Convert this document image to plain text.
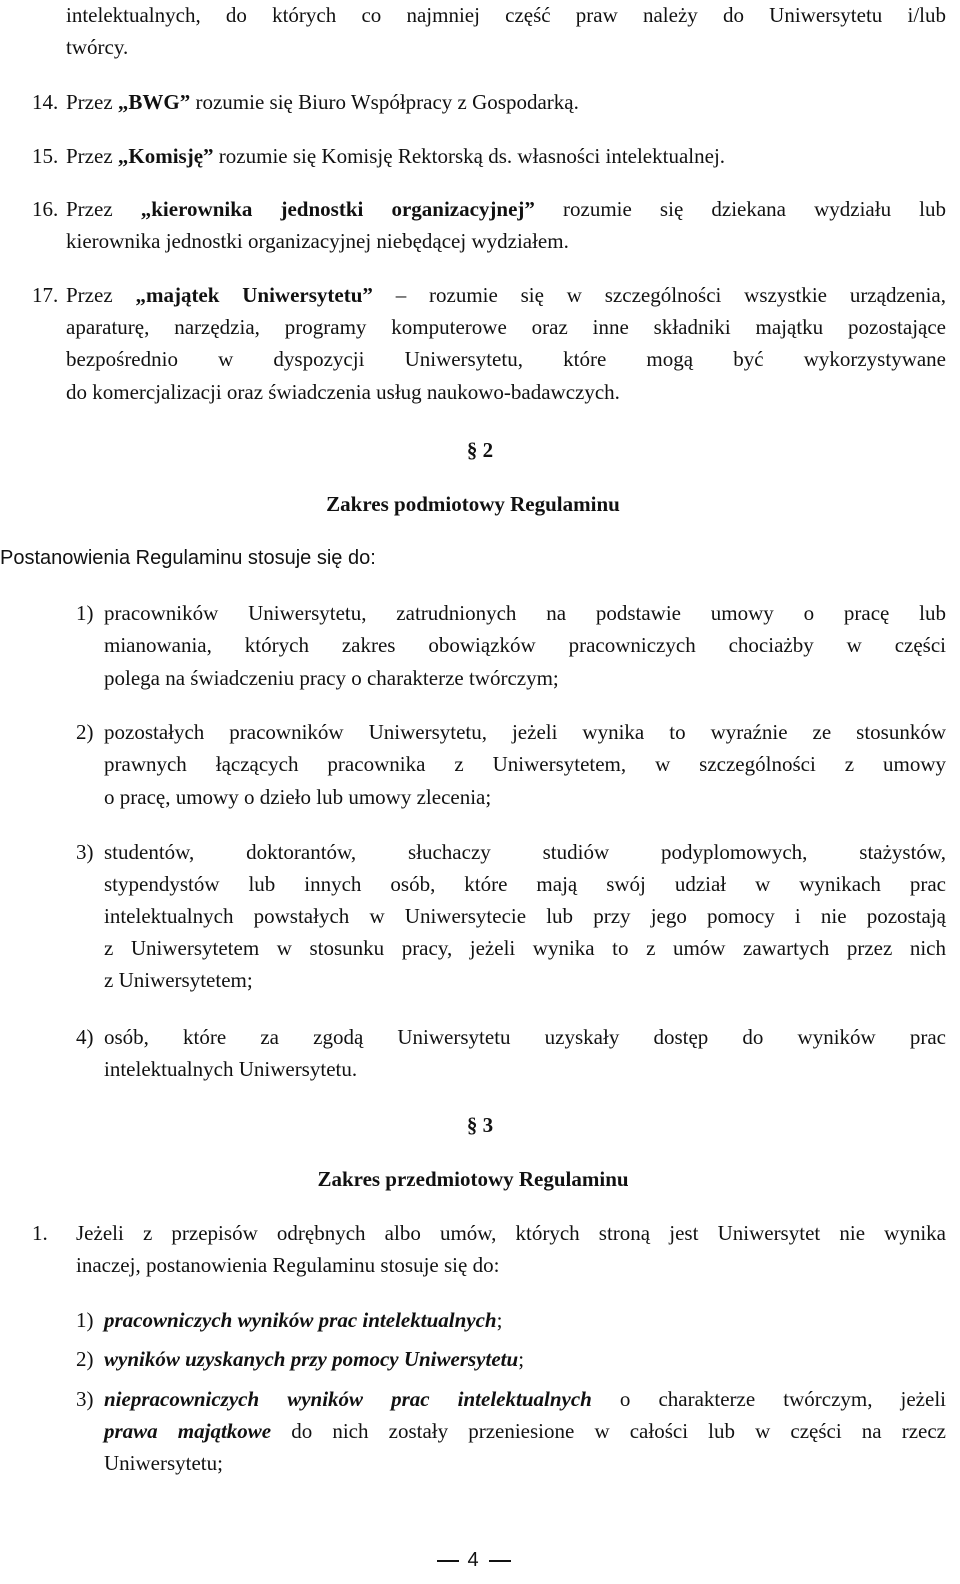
intelektualnych, do których co najmniej część praw należy do Uniwersytetu i/lub
twórcy.
14. Przez „BWG” rozumie się Biuro Współpracy z Gospodarką.
15. Przez „Komisję” rozumie się Komisję Rektorską ds. własności intelektualnej.
16. Przez „kierownika jednostki organizacyjnej” rozumie się dziekana wydziału lub
kierownika jednostki organizacyjnej niebędącej wydziałem.
17. Przez „majątek Uniwersytetu” – rozumie się w szczególności wszystkie urządzenia,
aparaturę, narzędzia, programy komputerowe oraz inne składniki majątku pozostające
bezpośrednio w dyspozycji Uniwersytetu, które mogą być wykorzystywane
do komercjalizacji oraz świadczenia usług naukowo-badawczych.
§ 2
Zakres podmiotowy Regulaminu
Postanowienia Regulaminu stosuje się do:
1) pracowników Uniwersytetu, zatrudnionych na podstawie umowy o pracę lub
mianowania, których zakres obowiązków pracowniczych chociażby w części
polega na świadczeniu pracy o charakterze twórczym;
2) pozostałych pracowników Uniwersytetu, jeżeli wynika to wyraźnie ze stosunków
prawnych łączących pracownika z Uniwersytetem, w szczególności z umowy
o pracę, umowy o dzieło lub umowy zlecenia;
3) studentów, doktorantów, słuchaczy studiów podyplomowych, stażystów,
stypendystów lub innych osób, które mają swój udział w wynikach prac
intelektualnych powstałych w Uniwersytecie lub przy jego pomocy i nie pozostają
z Uniwersytetem w stosunku pracy, jeżeli wynika to z umów zawartych przez nich
z Uniwersytetem;
4) osób, które za zgodą Uniwersytetu uzyskały dostęp do wyników prac
intelektualnych Uniwersytetu.
§ 3
Zakres przedmiotowy Regulaminu
1. Jeżeli z przepisów odrębnych albo umów, których stroną jest Uniwersytet nie wynika
inaczej, postanowienia Regulaminu stosuje się do:
1) pracowniczych wyników prac intelektualnych;
2) wyników uzyskanych przy pomocy Uniwersytetu;
3) niepracowniczych wyników prac intelektualnych o charakterze twórczym, jeżeli
prawa majątkowe do nich zostały przeniesione w całości lub w części na rzecz
Uniwersytetu;
4
